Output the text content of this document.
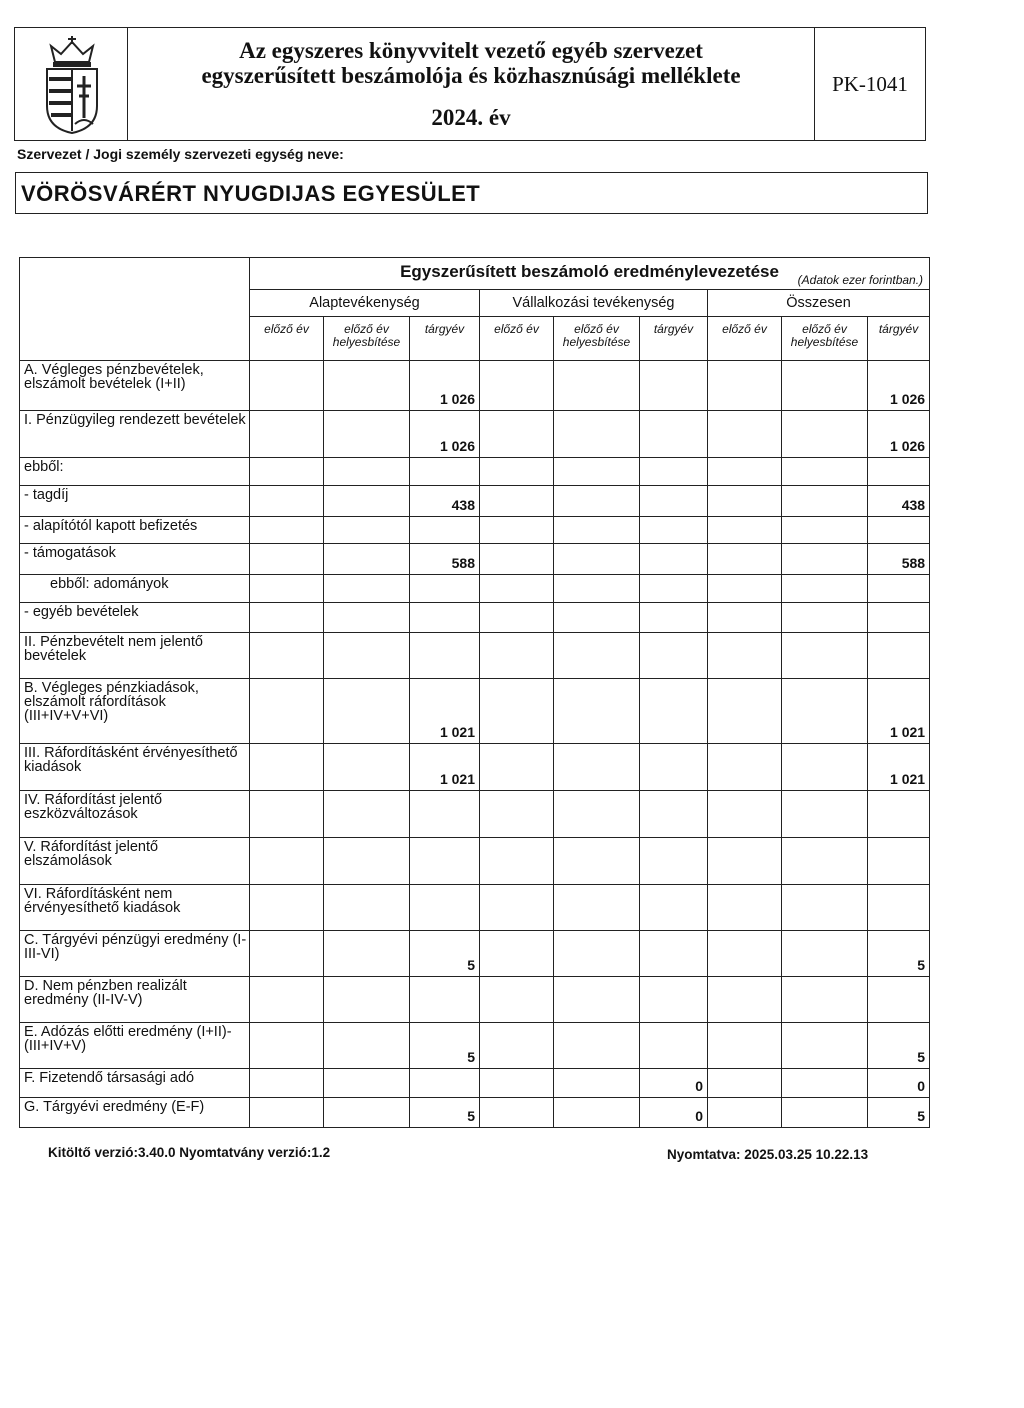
Az egyszeres könyvvitelt vezető egyéb szervezet
egyszerűsített beszámolója és közhasznúsági melléklete
2024. év
PK-1041
Szervezet / Jogi személy szervezeti egység neve:
VÖRÖSVÁRÉRT NYUGDIJAS EGYESÜLET
	Egyszerűsített beszámoló eredménylevezetése (Adatok ezer forintban.)								

	Alaptevékenység			Vállalkozási tevékenység			Összesen		
	előző év	előző év helyesbítése	tárgyév	előző év	előző év helyesbítése	tárgyév	előző év	előző év helyesbítése	tárgyév
A. Végleges pénzbevételek, elszámolt bevételek (I+II)			1 026						1 026
I. Pénzügyileg rendezett bevételek			1 026						1 026
ebből:									
- tagdíj			438						438
- alapítótól kapott befizetés									
- támogatások			588						588
ebből: adományok									
- egyéb bevételek									
II. Pénzbevételt nem jelentő bevételek									
B. Végleges pénzkiadások, elszámolt ráfordítások (III+IV+V+VI)			1 021						1 021
III. Ráfordításként érvényesíthető kiadások			1 021						1 021
IV. Ráfordítást jelentő eszközváltozások									
V. Ráfordítást jelentő elszámolások									
VI. Ráfordításként nem érvényesíthető kiadások									
C. Tárgyévi pénzügyi eredmény (I-III-VI)			5						5
D. Nem pénzben realizált eredmény (II-IV-V)									
E. Adózás előtti eredmény (I+II)-(III+IV+V)			5						5
F. Fizetendő társasági adó						0			0
G. Tárgyévi eredmény (E-F)			5			0			5
Kitöltő verzió:3.40.0 Nyomtatvány verzió:1.2	Nyomtatva: 2025.03.25 10.22.13
